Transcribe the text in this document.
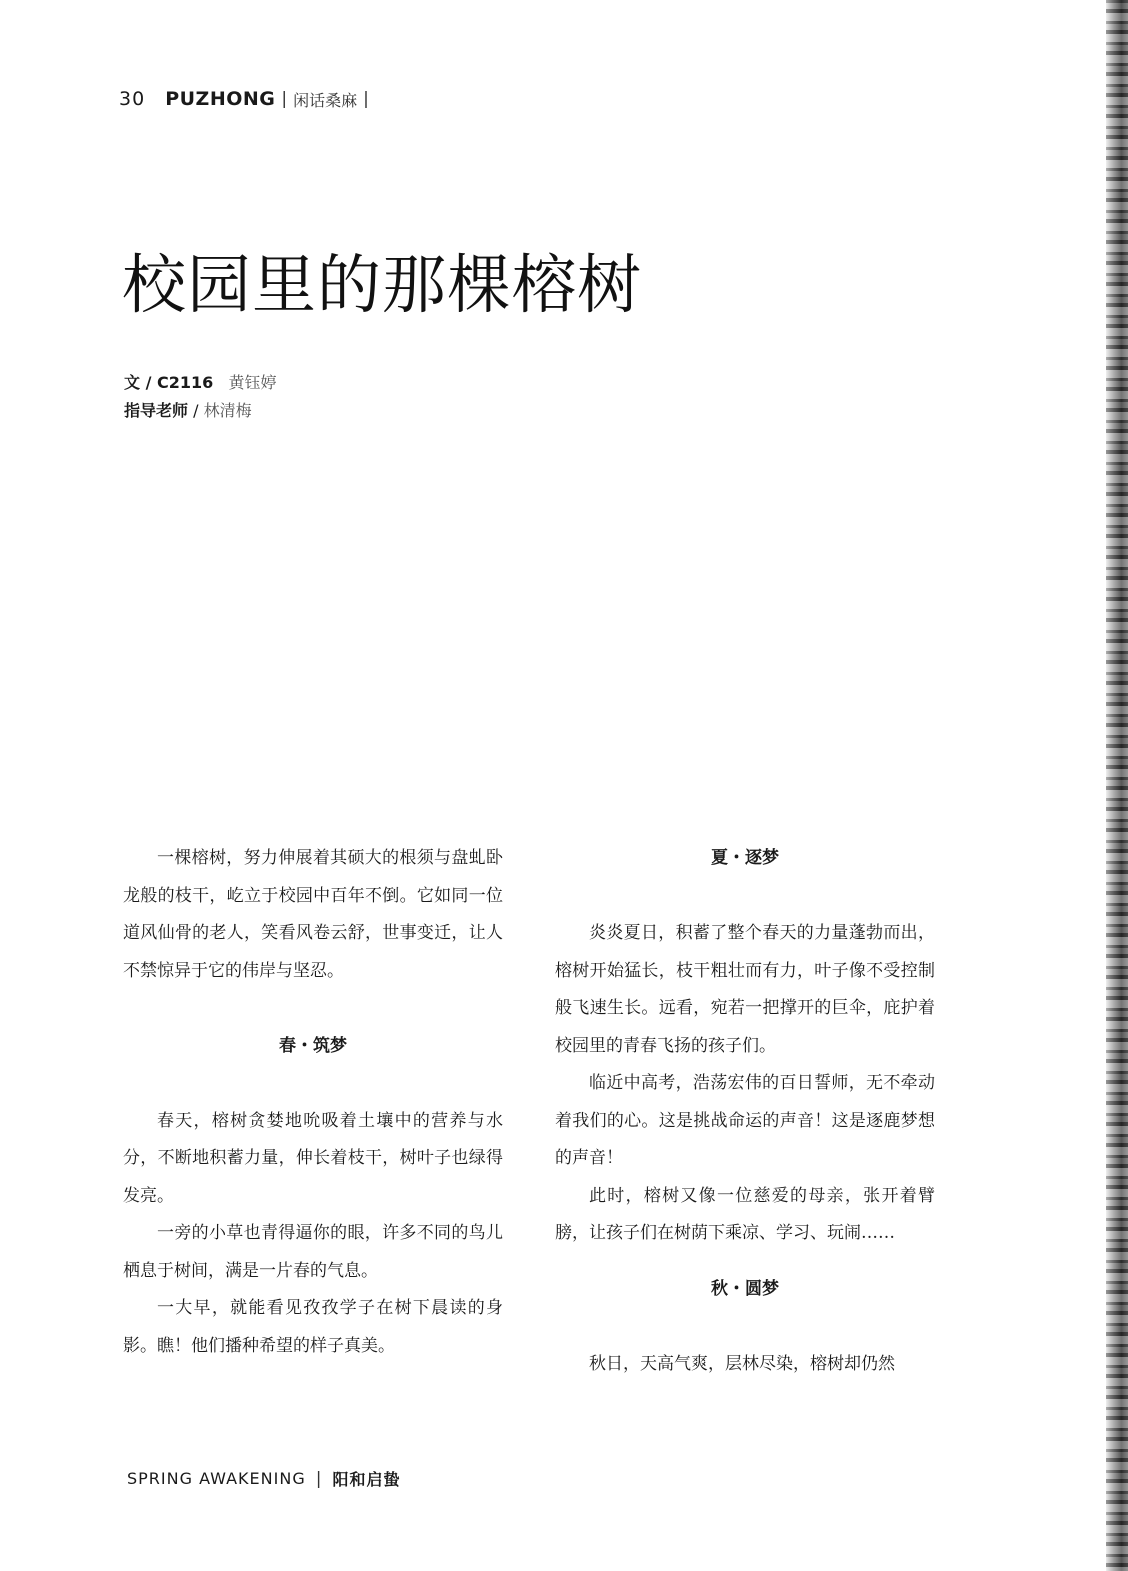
30 PUZHONG | 闲话桑麻 |
校园里的那棵榕树
文 / C2116 黄钰婷
指导老师 / 林清梅

一棵榕树，努力伸展着其硕大的根须与盘虬卧龙般的枝干，屹立于校园中百年不倒。它如同一位道风仙骨的老人，笑看风卷云舒，世事变迁，让人不禁惊异于它的伟岸与坚忍。

春・筑梦

春天，榕树贪婪地吮吸着土壤中的营养与水分，不断地积蓄力量，伸长着枝干，树叶子也绿得发亮。

一旁的小草也青得逼你的眼，许多不同的鸟儿栖息于树间，满是一片春的气息。

一大早，就能看见孜孜学子在树下晨读的身影。瞧！他们播种希望的样子真美。

夏・逐梦

炎炎夏日，积蓄了整个春天的力量蓬勃而出，榕树开始猛长，枝干粗壮而有力，叶子像不受控制般飞速生长。远看，宛若一把撑开的巨伞，庇护着校园里的青春飞扬的孩子们。

临近中高考，浩荡宏伟的百日誓师，无不牵动着我们的心。这是挑战命运的声音！这是逐鹿梦想的声音！

此时，榕树又像一位慈爱的母亲，张开着臂膀，让孩子们在树荫下乘凉、学习、玩闹……

秋・圆梦

秋日，天高气爽，层林尽染，榕树却仍然

SPRING AWAKENING | 阳和启蛰
